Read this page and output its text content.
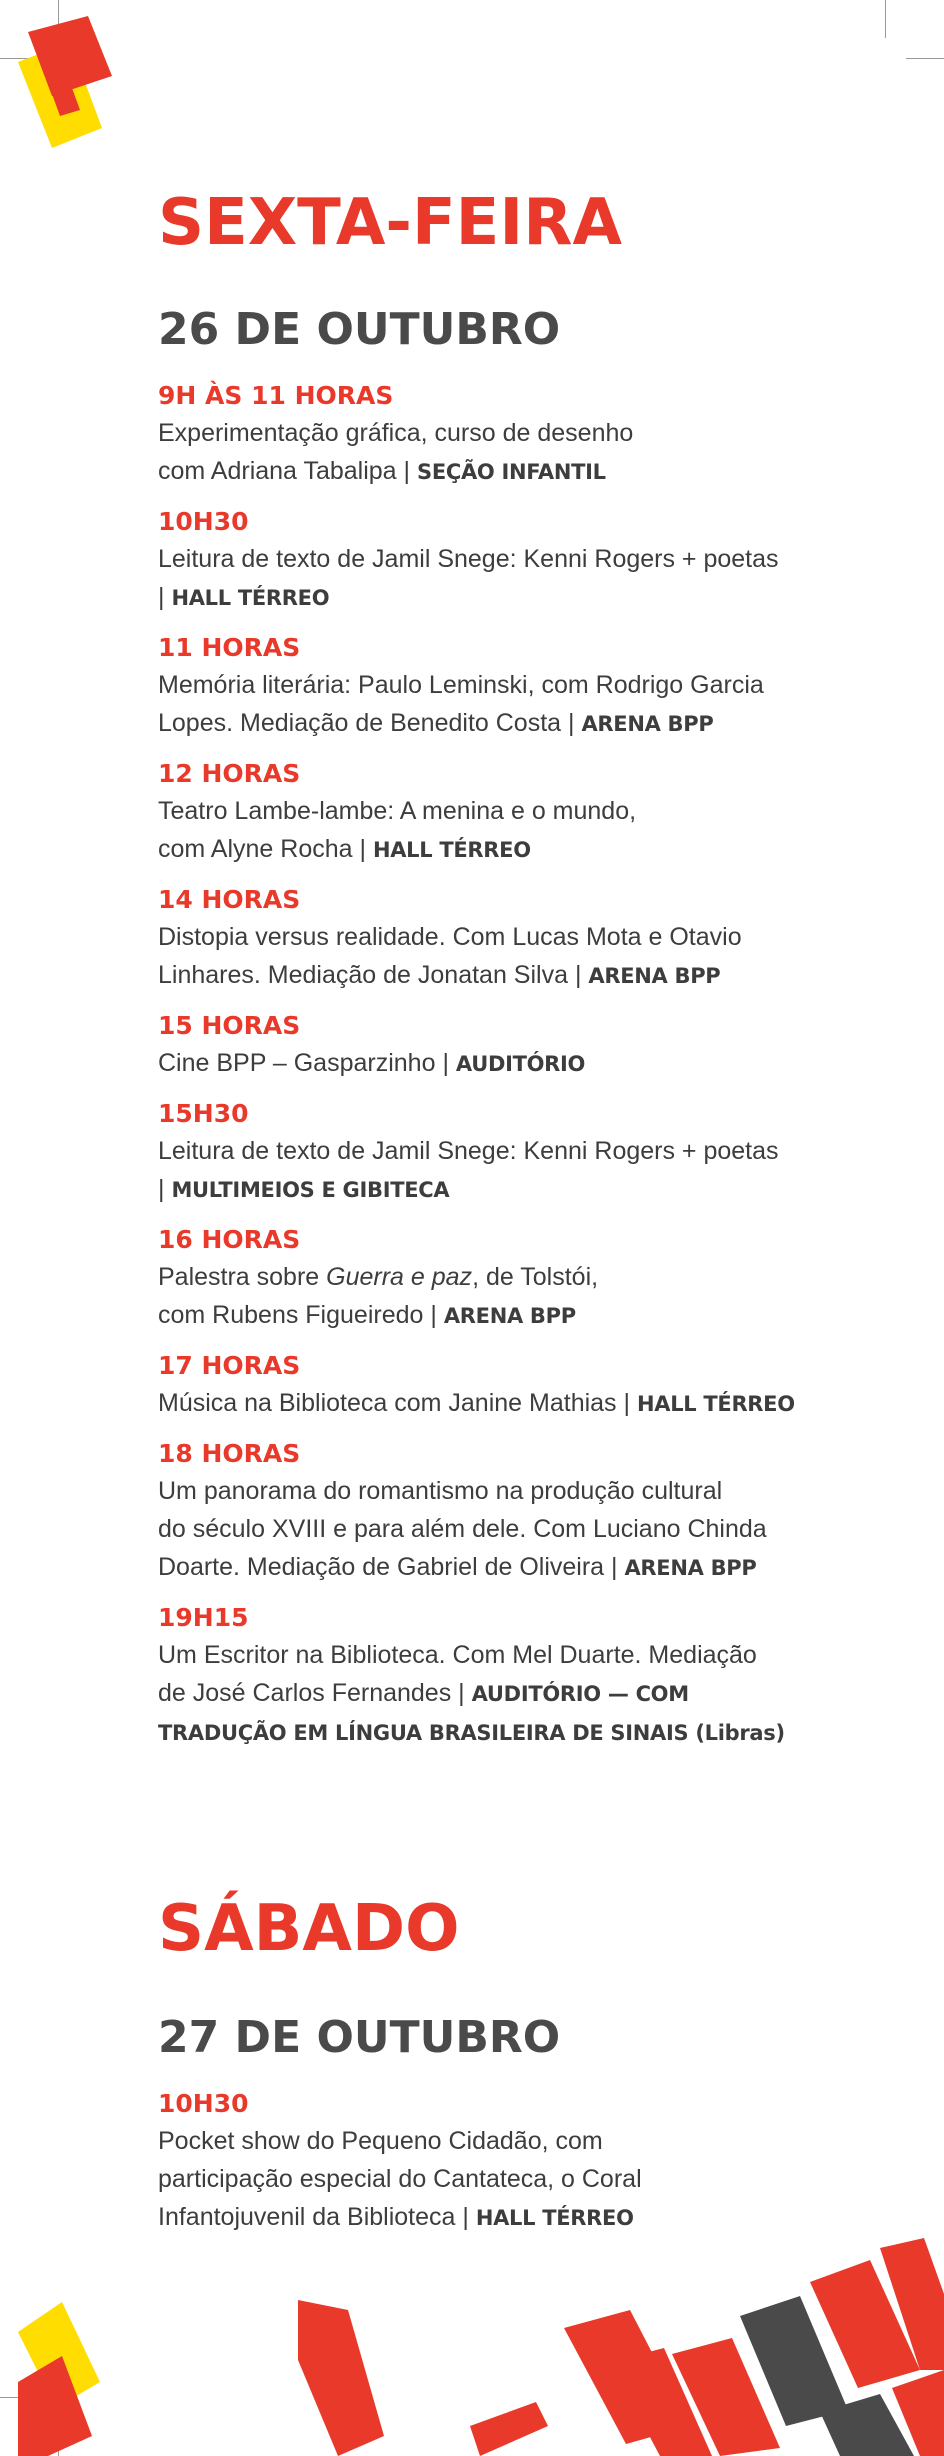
SEXTA-FEIRA
26 DE OUTUBRO

9H ÀS 11 HORAS

Experimentação gráfica, curso de desenho
com Adriana Tabalipa | SEÇÃO INFANTIL

10H30

Leitura de texto de Jamil Snege: Kenni Rogers + poetas
| HALL TÉRREO

11 HORAS

Memória literária: Paulo Leminski, com Rodrigo Garcia
Lopes. Mediação de Benedito Costa | ARENA BPP

12 HORAS

Teatro Lambe-lambe: A menina e o mundo,
com Alyne Rocha | HALL TÉRREO

14 HORAS

Distopia versus realidade. Com Lucas Mota e Otavio
Linhares. Mediação de Jonatan Silva | ARENA BPP

15 HORAS

Cine BPP – Gasparzinho | AUDITÓRIO

15H30

Leitura de texto de Jamil Snege: Kenni Rogers + poetas
| MULTIMEIOS E GIBITECA

16 HORAS

Palestra sobre Guerra e paz, de Tolstói,
com Rubens Figueiredo | ARENA BPP

17 HORAS

Música na Biblioteca com Janine Mathias | HALL TÉRREO

18 HORAS

Um panorama do romantismo na produção cultural
do século XVIII e para além dele. Com Luciano Chinda
Doarte. Mediação de Gabriel de Oliveira | ARENA BPP

19H15

Um Escritor na Biblioteca. Com Mel Duarte. Mediação
de José Carlos Fernandes | AUDITÓRIO — COM TRADUÇÃO EM LÍNGUA BRASILEIRA DE SINAIS (Libras)

SÁBADO
27 DE OUTUBRO

10H30

Pocket show do Pequeno Cidadão, com
participação especial do Cantateca, o Coral
Infantojuvenil da Biblioteca | HALL TÉRREO
